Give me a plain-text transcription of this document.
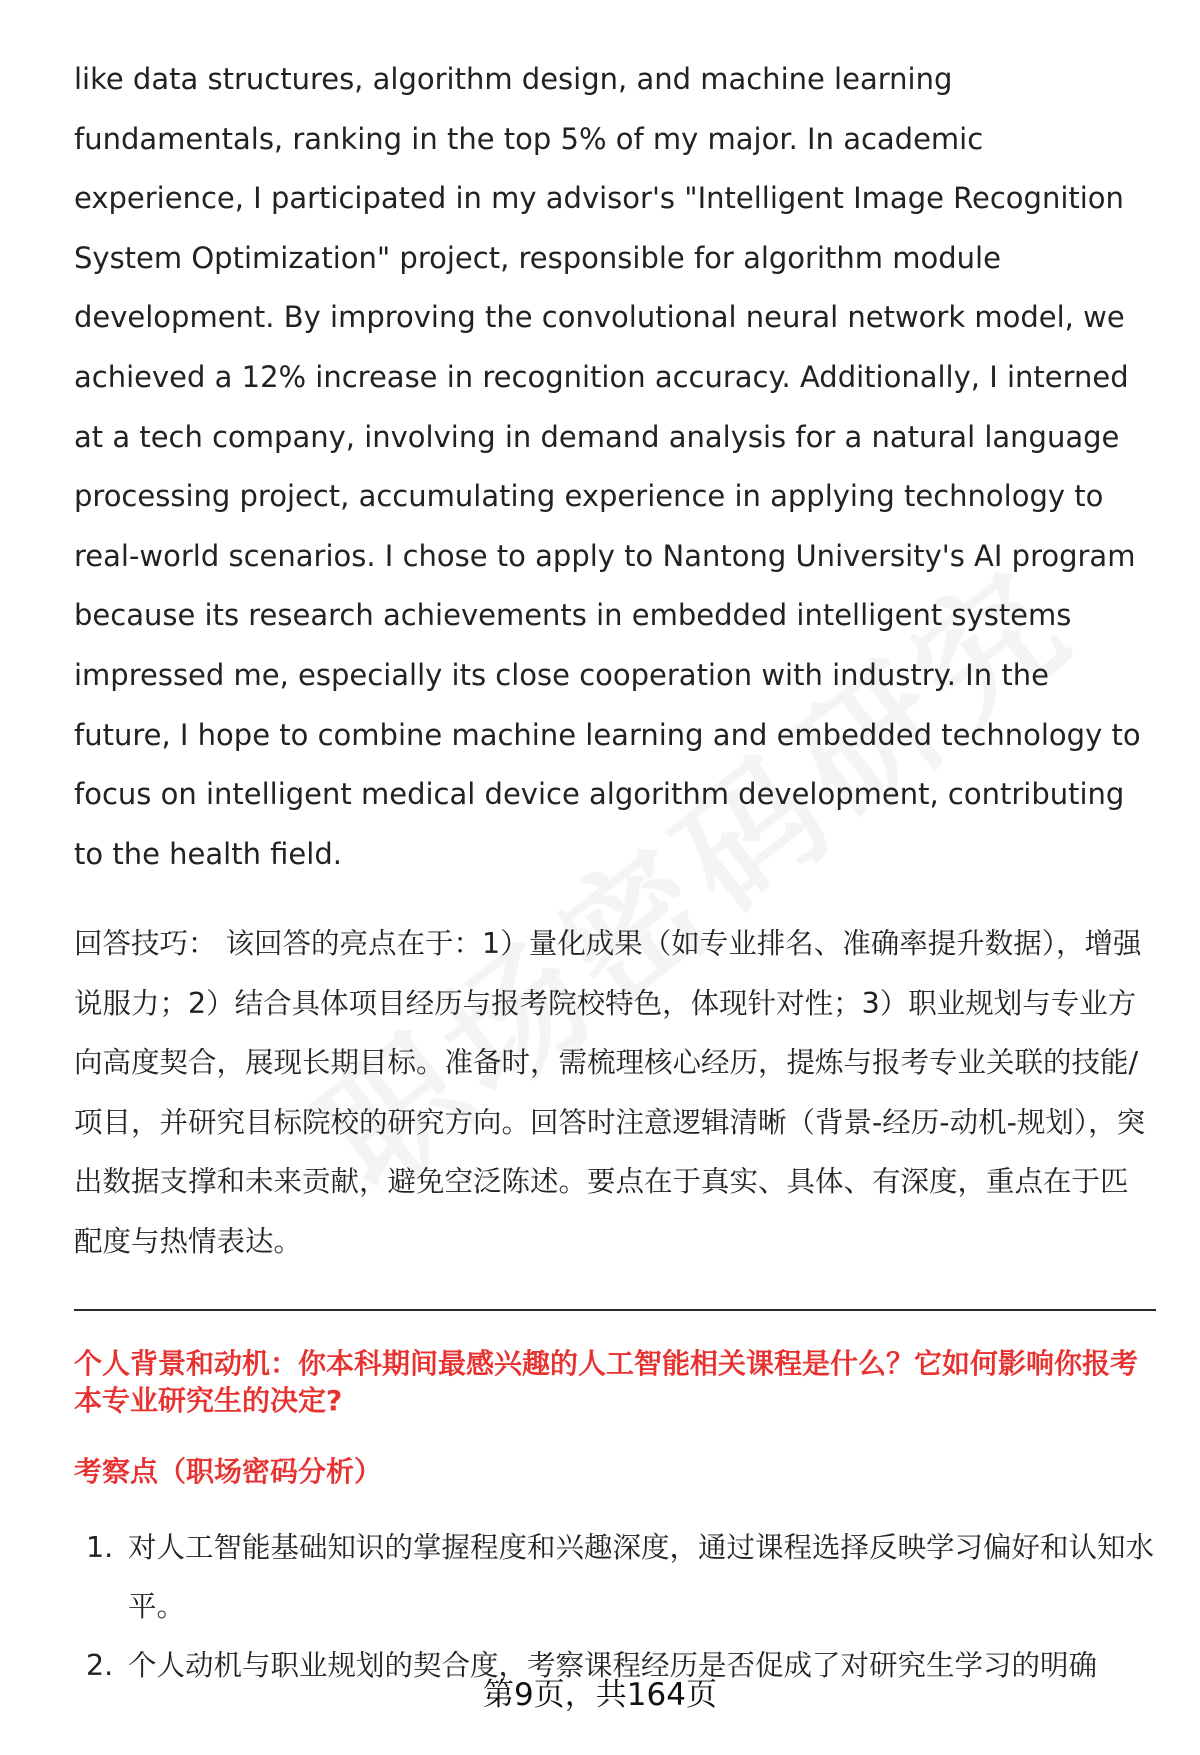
like data structures, algorithm design, and machine learning fundamentals, ranking in the top 5% of my major. In academic experience, I participated in my advisor's "Intelligent Image Recognition System Optimization" project, responsible for algorithm module development. By improving the convolutional neural network model, we achieved a 12% increase in recognition accuracy. Additionally, I interned at a tech company, involving in demand analysis for a natural language processing project, accumulating experience in applying technology to real-world scenarios. I chose to apply to Nantong University's AI program because its research achievements in embedded intelligent systems impressed me, especially its close cooperation with industry. In the future, I hope to combine machine learning and embedded technology to focus on intelligent medical device algorithm development, contributing to the health field.

回答技巧： 该回答的亮点在于：1）量化成果（如专业排名、准确率提升数据），增强说服力；2）结合具体项目经历与报考院校特色，体现针对性；3）职业规划与专业方向高度契合，展现长期目标。准备时，需梳理核心经历，提炼与报考专业关联的技能/项目，并研究目标院校的研究方向。回答时注意逻辑清晰（背景-经历-动机-规划），突出数据支撑和未来贡献，避免空泛陈述。要点在于真实、具体、有深度，重点在于匹配度与热情表达。

个人背景和动机：你本科期间最感兴趣的人工智能相关课程是什么？它如何影响你报考本专业研究生的决定?
考察点（职场密码分析）
1. 对人工智能基础知识的掌握程度和兴趣深度，通过课程选择反映学习偏好和认知水平。
2. 个人动机与职业规划的契合度，考察课程经历是否促成了对研究生学习的明确
第9页，共164页
